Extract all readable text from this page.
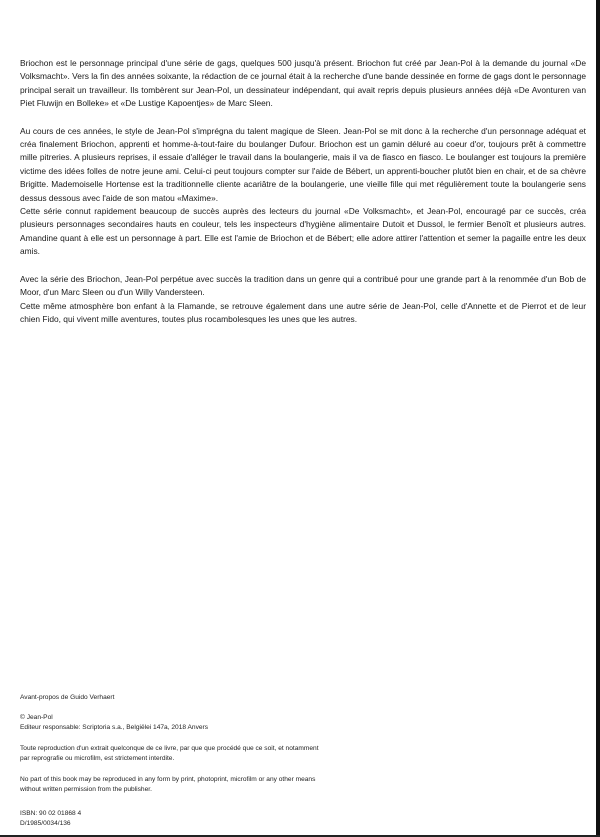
Briochon est le personnage principal d'une série de gags, quelques 500 jusqu'à présent. Briochon fut créé par Jean-Pol à la demande du journal «De Volksmacht». Vers la fin des années soixante, la rédaction de ce journal était à la recherche d'une bande dessinée en forme de gags dont le personnage principal serait un travailleur. Ils tombèrent sur Jean-Pol, un dessinateur indépendant, qui avait repris depuis plusieurs années déjà «De Avonturen van Piet Fluwijn en Bolleke» et «De Lustige Kapoentjes» de Marc Sleen.

Au cours de ces années, le style de Jean-Pol s'imprégna du talent magique de Sleen. Jean-Pol se mit donc à la recherche d'un personnage adéquat et créa finalement Briochon, apprenti et homme-à-tout-faire du boulanger Dufour. Briochon est un gamin déluré au coeur d'or, toujours prêt à commettre mille pitreries. A plusieurs reprises, il essaie d'alléger le travail dans la boulangerie, mais il va de fiasco en fiasco. Le boulanger est toujours la première victime des idées folles de notre jeune ami. Celui-ci peut toujours compter sur l'aide de Bébert, un apprenti-boucher plutôt bien en chair, et de sa chèvre Brigitte. Mademoiselle Hortense est la traditionnelle cliente acariâtre de la boulangerie, une vieille fille qui met régulièrement toute la boulangerie sens dessus dessous avec l'aide de son matou «Maxime».

Cette série connut rapidement beaucoup de succès auprès des lecteurs du journal «De Volksmacht», et Jean-Pol, encouragé par ce succès, créa plusieurs personnages secondaires hauts en couleur, tels les inspecteurs d'hygiène alimentaire Dutoit et Dussol, le fermier Benoît et plusieurs autres. Amandine quant à elle est un personnage à part. Elle est l'amie de Briochon et de Bébert; elle adore attirer l'attention et semer la pagaille entre les deux amis.

Avec la série des Briochon, Jean-Pol perpétue avec succès la tradition dans un genre qui a contribué pour une grande part à la renommée d'un Bob de Moor, d'un Marc Sleen ou d'un Willy Vandersteen.

Cette même atmosphère bon enfant à la Flamande, se retrouve également dans une autre série de Jean-Pol, celle d'Annette et de Pierrot et de leur chien Fido, qui vivent mille aventures, toutes plus rocambolesques les unes que les autres.

Avant-propos de Guido Verhaert

© Jean-Pol

Editeur responsable: Scriptoria s.a., Belgiëlei 147a, 2018 Anvers

Toute reproduction d'un extrait quelconque de ce livre, par que que procédé que ce soit, et notamment par reprografie ou microfilm, est strictement interdite.
No part of this book may be reproduced in any form by print, photoprint, microfilm or any other means without written permission from the publisher.

ISBN: 90 02 01868 4

D/1985/0034/136
